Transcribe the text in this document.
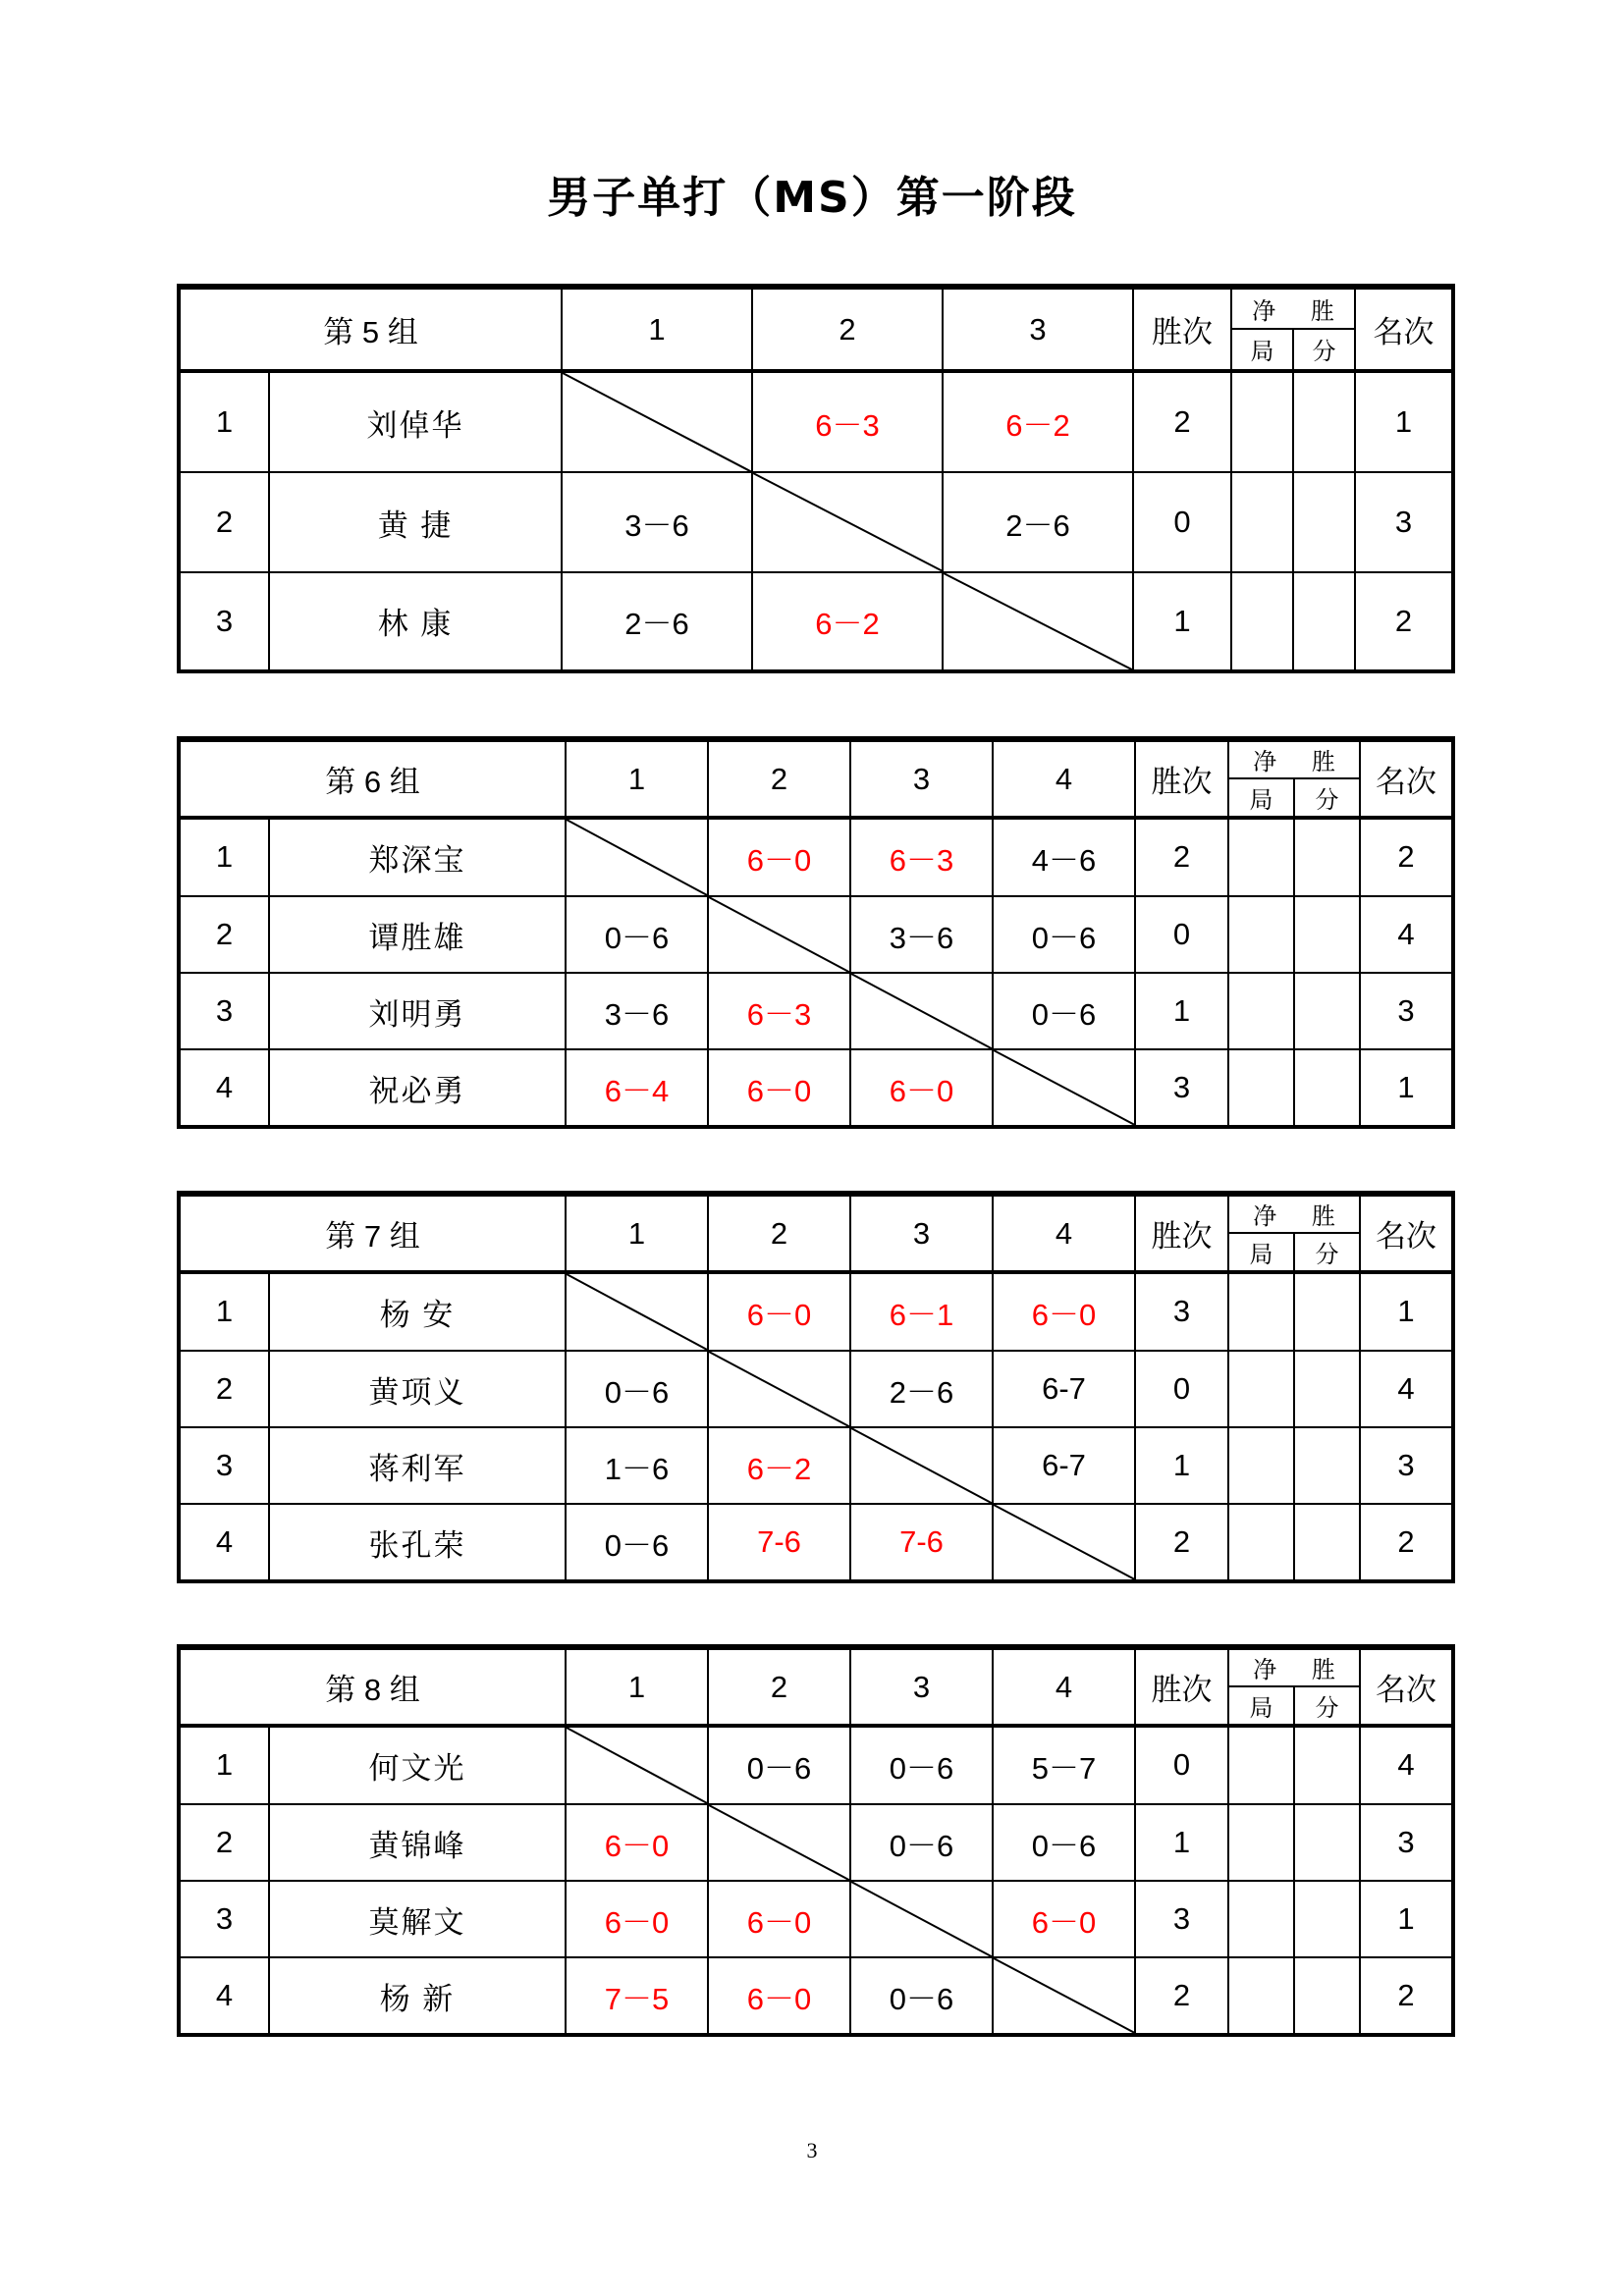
男子单打（MS）第一阶段
第 5 组		1	2	3	胜次	净 胜
局 分		名次
1	刘倬华		6－3	6－2	2			1
2	黄 捷	3－6		2－6	0			3
3	林 康	2－6	6－2		1			2
第 6 组		1	2	3	4	胜次	净 胜
局 分		名次
1	郑深宝		6－0	6－3	4－6	2			2
2	谭胜雄	0－6		3－6	0－6	0			4
3	刘明勇	3－6	6－3		0－6	1			3
4	祝必勇	6－4	6－0	6－0		3			1
第 7 组		1	2	3	4	胜次	净 胜
局 分		名次
1	杨 安		6－0	6－1	6－0	3			1
2	黄项义	0－6		2－6	6-7	0			4
3	蒋利军	1－6	6－2		6-7	1			3
4	张孔荣	0－6	7-6	7-6		2			2
第 8 组		1	2	3	4	胜次	净 胜
局 分		名次
1	何文光		0－6	0－6	5－7	0			4
2	黄锦峰	6－0		0－6	0－6	1			3
3	莫解文	6－0	6－0		6－0	3			1
4	杨 新	7－5	6－0	0－6		2			2
3
